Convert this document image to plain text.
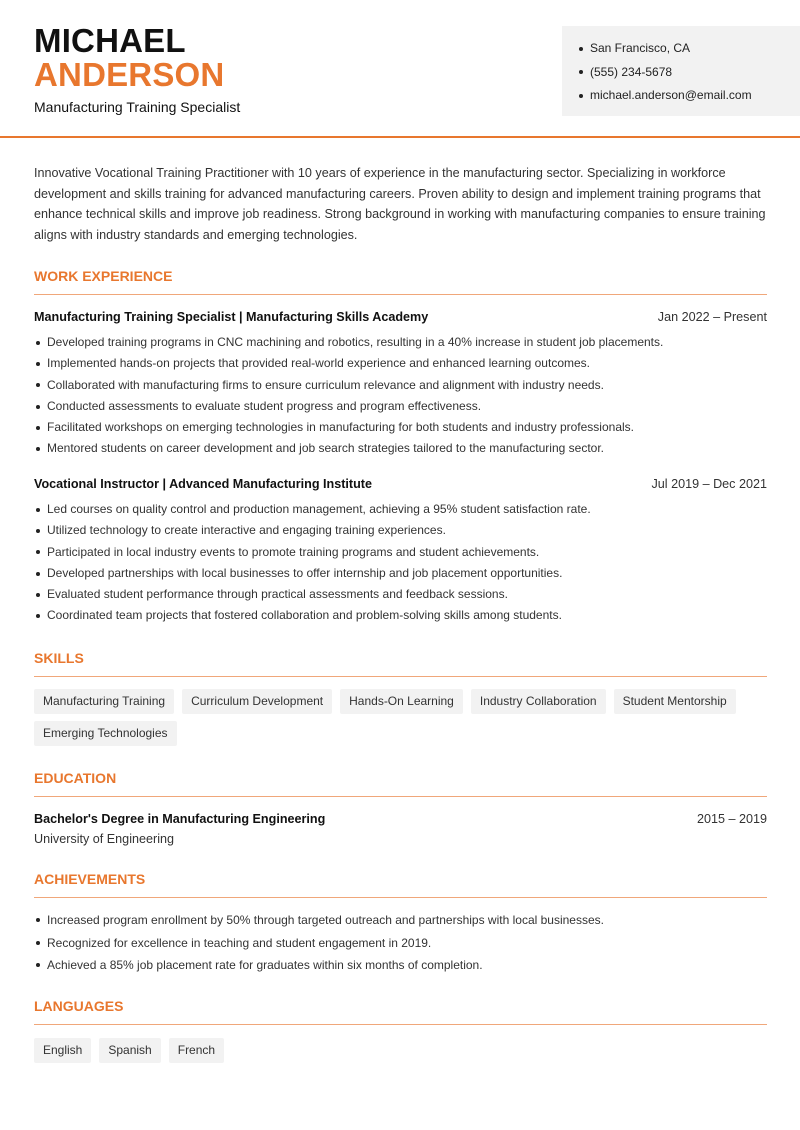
MICHAEL
ANDERSON
Manufacturing Training Specialist
San Francisco, CA
(555) 234-5678
michael.anderson@email.com

Innovative Vocational Training Practitioner with 10 years of experience in the manufacturing sector. Specializing in workforce development and skills training for advanced manufacturing careers. Proven ability to design and implement training programs that enhance technical skills and improve job readiness. Strong background in working with manufacturing companies to ensure training aligns with industry standards and emerging technologies.

WORK EXPERIENCE
Manufacturing Training Specialist | Manufacturing Skills Academy	Jan 2022 – Present
Developed training programs in CNC machining and robotics, resulting in a 40% increase in student job placements.
Implemented hands-on projects that provided real-world experience and enhanced learning outcomes.
Collaborated with manufacturing firms to ensure curriculum relevance and alignment with industry needs.
Conducted assessments to evaluate student progress and program effectiveness.
Facilitated workshops on emerging technologies in manufacturing for both students and industry professionals.
Mentored students on career development and job search strategies tailored to the manufacturing sector.
Vocational Instructor | Advanced Manufacturing Institute	Jul 2019 – Dec 2021
Led courses on quality control and production management, achieving a 95% student satisfaction rate.
Utilized technology to create interactive and engaging training experiences.
Participated in local industry events to promote training programs and student achievements.
Developed partnerships with local businesses to offer internship and job placement opportunities.
Evaluated student performance through practical assessments and feedback sessions.
Coordinated team projects that fostered collaboration and problem-solving skills among students.
SKILLS
Manufacturing Training	Curriculum Development	Hands-On Learning	Industry Collaboration	Student Mentorship
Emerging Technologies
EDUCATION
Bachelor's Degree in Manufacturing Engineering	2015 – 2019
University of Engineering
ACHIEVEMENTS
Increased program enrollment by 50% through targeted outreach and partnerships with local businesses.
Recognized for excellence in teaching and student engagement in 2019.
Achieved a 85% job placement rate for graduates within six months of completion.
LANGUAGES
English	Spanish	French
